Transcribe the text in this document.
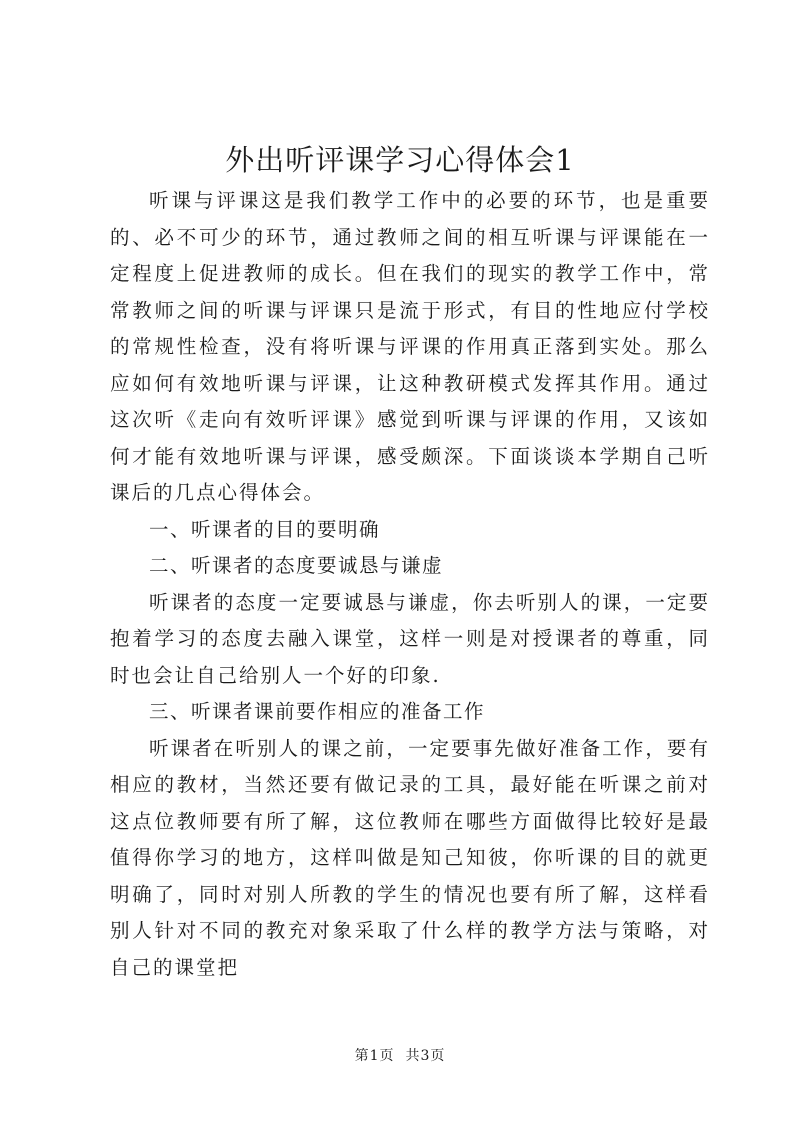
外出听评课学习心得体会1

听课与评课这是我们教学工作中的必要的环节，也是重要的、必不可少的环节，通过教师之间的相互听课与评课能在一定程度上促进教师的成长。但在我们的现实的教学工作中，常常教师之间的听课与评课只是流于形式，有目的性地应付学校的常规性检查，没有将听课与评课的作用真正落到实处。那么应如何有效地听课与评课，让这种教研模式发挥其作用。通过这次听《走向有效听评课》感觉到听课与评课的作用，又该如何才能有效地听课与评课，感受颇深。下面谈谈本学期自己听课后的几点心得体会。

一、听课者的目的要明确

二、听课者的态度要诚恳与谦虚

听课者的态度一定要诚恳与谦虚，你去听别人的课，一定要抱着学习的态度去融入课堂，这样一则是对授课者的尊重，同时也会让自己给别人一个好的印象.

三、听课者课前要作相应的准备工作

听课者在听别人的课之前，一定要事先做好准备工作，要有相应的教材，当然还要有做记录的工具，最好能在听课之前对这点位教师要有所了解，这位教师在哪些方面做得比较好是最值得你学习的地方，这样叫做是知己知彼，你听课的目的就更明确了，同时对别人所教的学生的情况也要有所了解，这样看别人针对不同的教充对象采取了什么样的教学方法与策略，对自己的课堂把

第1页  共3页
